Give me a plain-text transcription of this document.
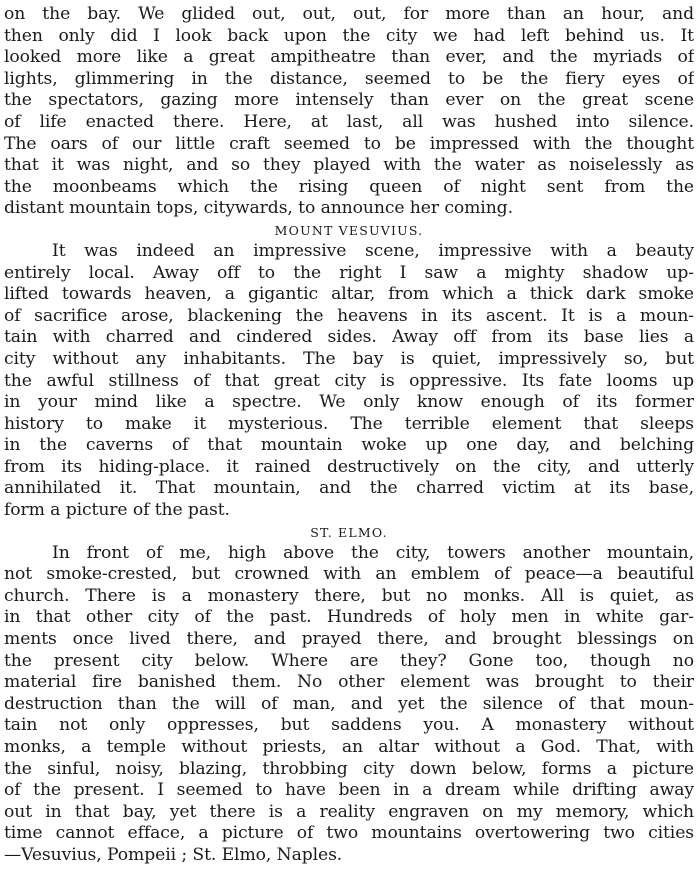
on the bay. We glided out, out, out, for more than an hour, and
then only did I look back upon the city we had left behind us. It
looked more like a great ampitheatre than ever, and the myriads of
lights, glimmering in the distance, seemed to be the fiery eyes of
the spectators, gazing more intensely than ever on the great scene
of life enacted there. Here, at last, all was hushed into silence.
The oars of our little craft seemed to be impressed with the thought
that it was night, and so they played with the water as noiselessly as
the moonbeams which the rising queen of night sent from the
distant mountain tops, citywards, to announce her coming.
MOUNT VESUVIUS.
It was indeed an impressive scene, impressive with a beauty
entirely local. Away off to the right I saw a mighty shadow up-
lifted towards heaven, a gigantic altar, from which a thick dark smoke
of sacrifice arose, blackening the heavens in its ascent. It is a moun-
tain with charred and cindered sides. Away off from its base lies a
city without any inhabitants. The bay is quiet, impressively so, but
the awful stillness of that great city is oppressive. Its fate looms up
in your mind like a spectre. We only know enough of its former
history to make it mysterious. The terrible element that sleeps
in the caverns of that mountain woke up one day, and belching
from its hiding-place. it rained destructively on the city, and utterly
annihilated it. That mountain, and the charred victim at its base,
form a picture of the past.
ST. ELMO.
In front of me, high above the city, towers another mountain,
not smoke-crested, but crowned with an emblem of peace—a beautiful
church. There is a monastery there, but no monks. All is quiet, as
in that other city of the past. Hundreds of holy men in white gar-
ments once lived there, and prayed there, and brought blessings on
the present city below. Where are they? Gone too, though no
material fire banished them. No other element was brought to their
destruction than the will of man, and yet the silence of that moun-
tain not only oppresses, but saddens you. A monastery without
monks, a temple without priests, an altar without a God. That, with
the sinful, noisy, blazing, throbbing city down below, forms a picture
of the present. I seemed to have been in a dream while drifting away
out in that bay, yet there is a reality engraven on my memory, which
time cannot efface, a picture of two mountains overtowering two cities
—Vesuvius, Pompeii ; St. Elmo, Naples.
